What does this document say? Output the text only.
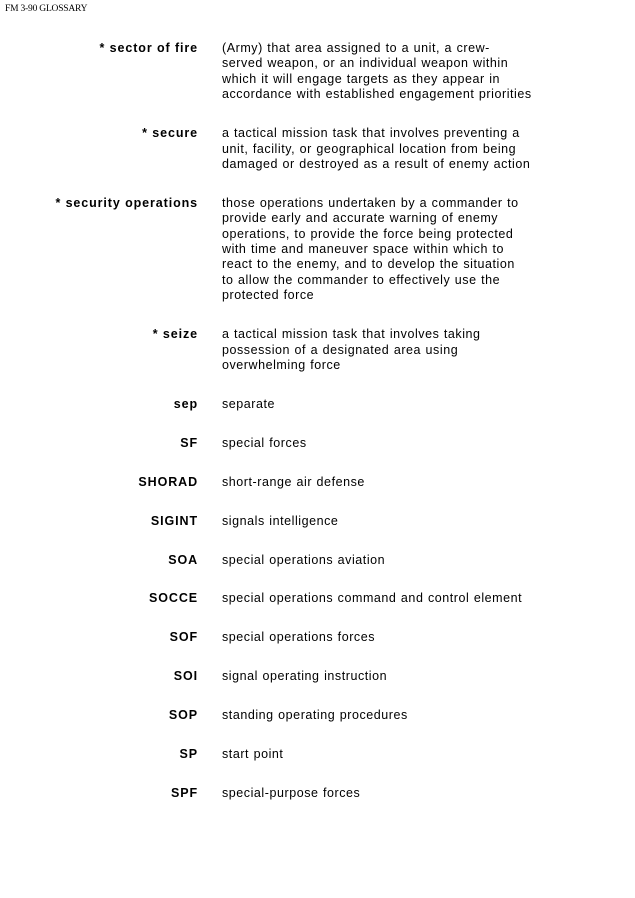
FM 3-90 GLOSSARY
* sector of fire (Army) that area assigned to a unit, a crew-
served weapon, or an individual weapon within
which it will engage targets as they appear in
accordance with established engagement priorities
* secure a tactical mission task that involves preventing a
unit, facility, or geographical location from being
damaged or destroyed as a result of enemy action
* security operations those operations undertaken by a commander to
provide early and accurate warning of enemy
operations, to provide the force being protected
with time and maneuver space within which to
react to the enemy, and to develop the situation
to allow the commander to effectively use the
protected force
* seize a tactical mission task that involves taking
possession of a designated area using
overwhelming force
sep separate
SF special forces
SHORAD short-range air defense
SIGINT signals intelligence
SOA special operations aviation
SOCCE special operations command and control element
SOF special operations forces
SOI signal operating instruction
SOP standing operating procedures
SP start point
SPF special-purpose forces
